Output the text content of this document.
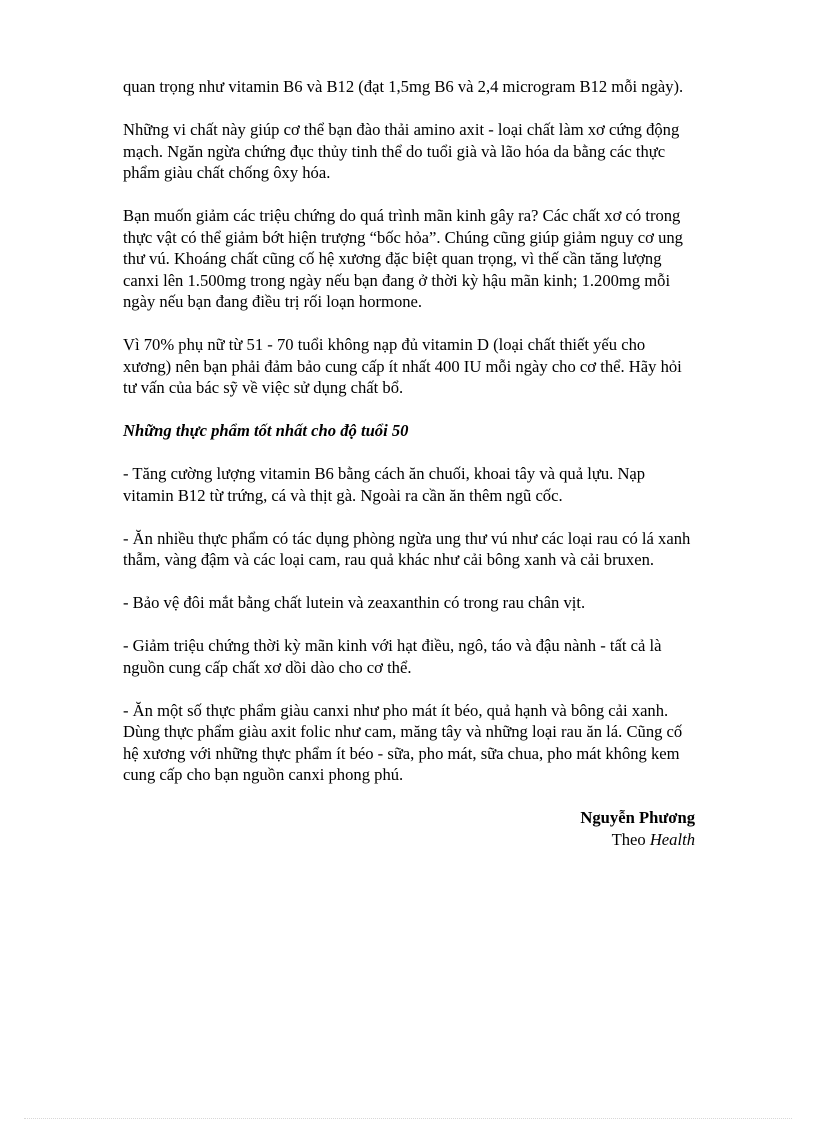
quan trọng như vitamin B6 và B12 (đạt 1,5mg B6 và 2,4 microgram B12 mỗi ngày).

Những vi chất này giúp cơ thể bạn đào thải amino axit - loại chất làm xơ cứng động mạch. Ngăn ngừa chứng đục thủy tinh thể do tuổi già và lão hóa da bằng các thực phẩm giàu chất chống ôxy hóa.

Bạn muốn giảm các triệu chứng do quá trình mãn kinh gây ra? Các chất xơ có trong thực vật có thể giảm bớt hiện trượng “bốc hỏa”. Chúng cũng giúp giảm nguy cơ ung thư vú. Khoáng chất cũng cố hệ xương đặc biệt quan trọng, vì thế cần tăng lượng canxi lên 1.500mg trong ngày nếu bạn đang ở thời kỳ hậu mãn kinh; 1.200mg mỗi ngày nếu bạn đang điều trị rối loạn hormone.

Vì 70% phụ nữ từ 51 - 70 tuổi không nạp đủ vitamin D (loại chất thiết yếu cho xương) nên bạn phải đảm bảo cung cấp ít nhất 400 IU mỗi ngày cho cơ thể. Hãy hỏi tư vấn của bác sỹ về việc sử dụng chất bổ.

Những thực phẩm tốt nhất cho độ tuổi 50

- Tăng cường lượng vitamin B6 bằng cách ăn chuối, khoai tây và quả lựu. Nạp vitamin B12 từ trứng, cá và thịt gà. Ngoài ra cần ăn thêm ngũ cốc.

- Ăn nhiều thực phẩm có tác dụng phòng ngừa ung thư vú như các loại rau có lá xanh thẫm, vàng đậm và các loại cam, rau quả khác như cải bông xanh và cải bruxen.

- Bảo vệ đôi mắt bằng chất lutein và zeaxanthin có trong rau chân vịt.

- Giảm triệu chứng thời kỳ mãn kinh với hạt điều, ngô, táo và đậu nành - tất cả là nguồn cung cấp chất xơ dồi dào cho cơ thể.

- Ăn một số thực phẩm giàu canxi như pho mát ít béo, quả hạnh và bông cải xanh. Dùng thực phẩm giàu axit folic như cam, măng tây và những loại rau ăn lá. Cũng cố hệ xương với những thực phẩm ít béo - sữa, pho mát, sữa chua, pho mát không kem cung cấp cho bạn nguồn canxi phong phú.

Nguyễn Phương
Theo Health
